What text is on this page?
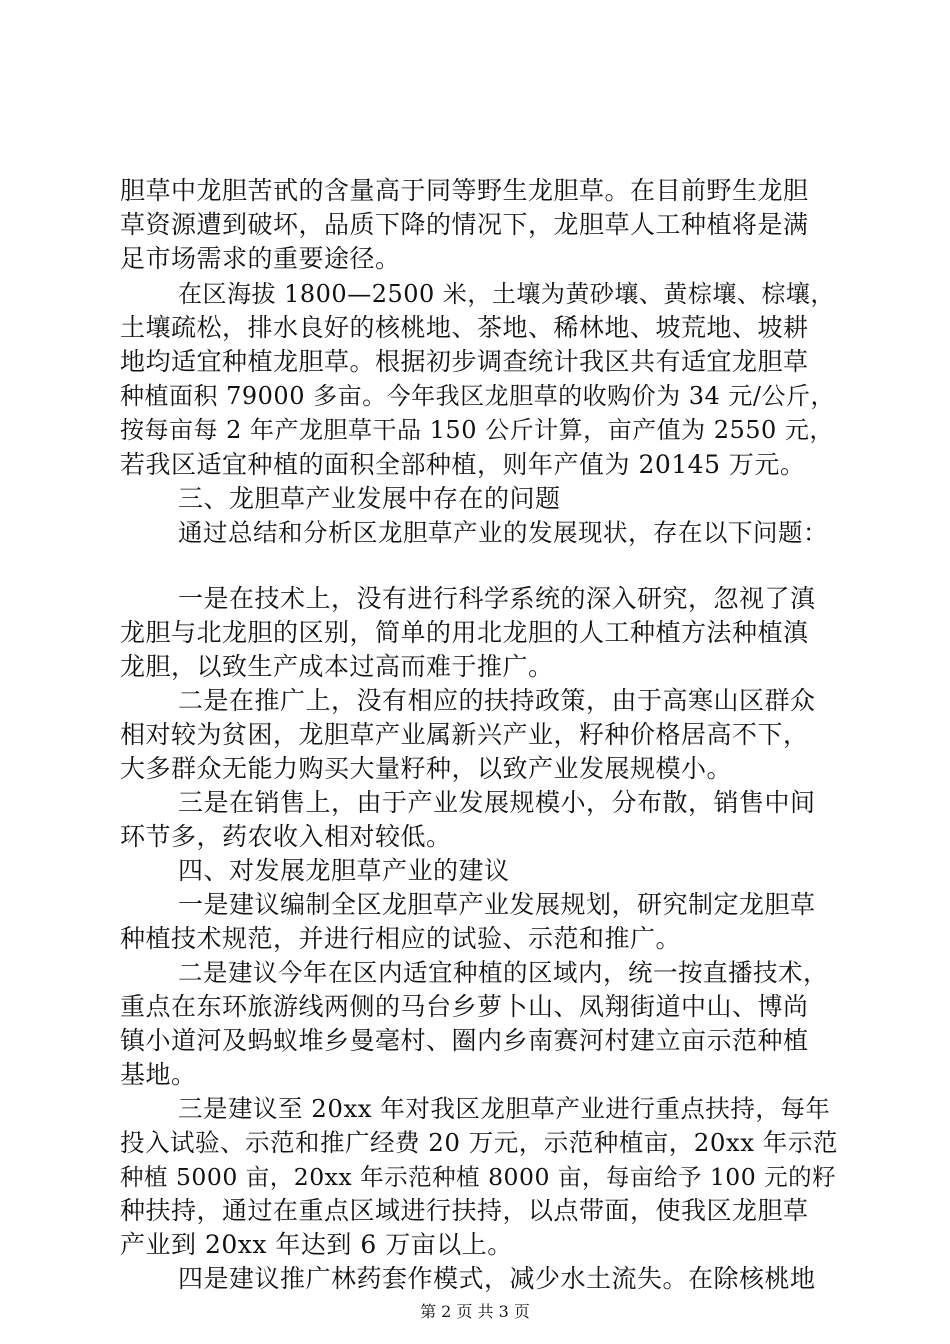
胆草中龙胆苦甙的含量高于同等野生龙胆草。在目前野生龙胆
草资源遭到破坏，品质下降的情况下，龙胆草人工种植将是满
足市场需求的重要途径。
在区海拔 1800—2500 米，土壤为黄砂壤、黄棕壤、棕壤，
土壤疏松，排水良好的核桃地、茶地、稀林地、坡荒地、坡耕
地均适宜种植龙胆草。根据初步调查统计我区共有适宜龙胆草
种植面积 79000 多亩。今年我区龙胆草的收购价为 34 元/公斤，
按每亩每 2 年产龙胆草干品 150 公斤计算，亩产值为 2550 元，
若我区适宜种植的面积全部种植，则年产值为 20145 万元。
三、龙胆草产业发展中存在的问题
通过总结和分析区龙胆草产业的发展现状，存在以下问题：
一是在技术上，没有进行科学系统的深入研究，忽视了滇
龙胆与北龙胆的区别，简单的用北龙胆的人工种植方法种植滇
龙胆，以致生产成本过高而难于推广。
二是在推广上，没有相应的扶持政策，由于高寒山区群众
相对较为贫困，龙胆草产业属新兴产业，籽种价格居高不下，
大多群众无能力购买大量籽种，以致产业发展规模小。
三是在销售上，由于产业发展规模小，分布散，销售中间
环节多，药农收入相对较低。
四、对发展龙胆草产业的建议
一是建议编制全区龙胆草产业发展规划，研究制定龙胆草
种植技术规范，并进行相应的试验、示范和推广。
二是建议今年在区内适宜种植的区域内，统一按直播技术，
重点在东环旅游线两侧的马台乡萝卜山、凤翔街道中山、博尚
镇小道河及蚂蚁堆乡曼毫村、圈内乡南赛河村建立亩示范种植
基地。
三是建议至 20xx 年对我区龙胆草产业进行重点扶持，每年
投入试验、示范和推广经费 20 万元，示范种植亩，20xx 年示范
种植 5000 亩，20xx 年示范种植 8000 亩，每亩给予 100 元的籽
种扶持，通过在重点区域进行扶持，以点带面，使我区龙胆草
产业到 20xx 年达到 6 万亩以上。
四是建议推广林药套作模式，减少水土流失。在除核桃地
第 2 页 共 3 页
